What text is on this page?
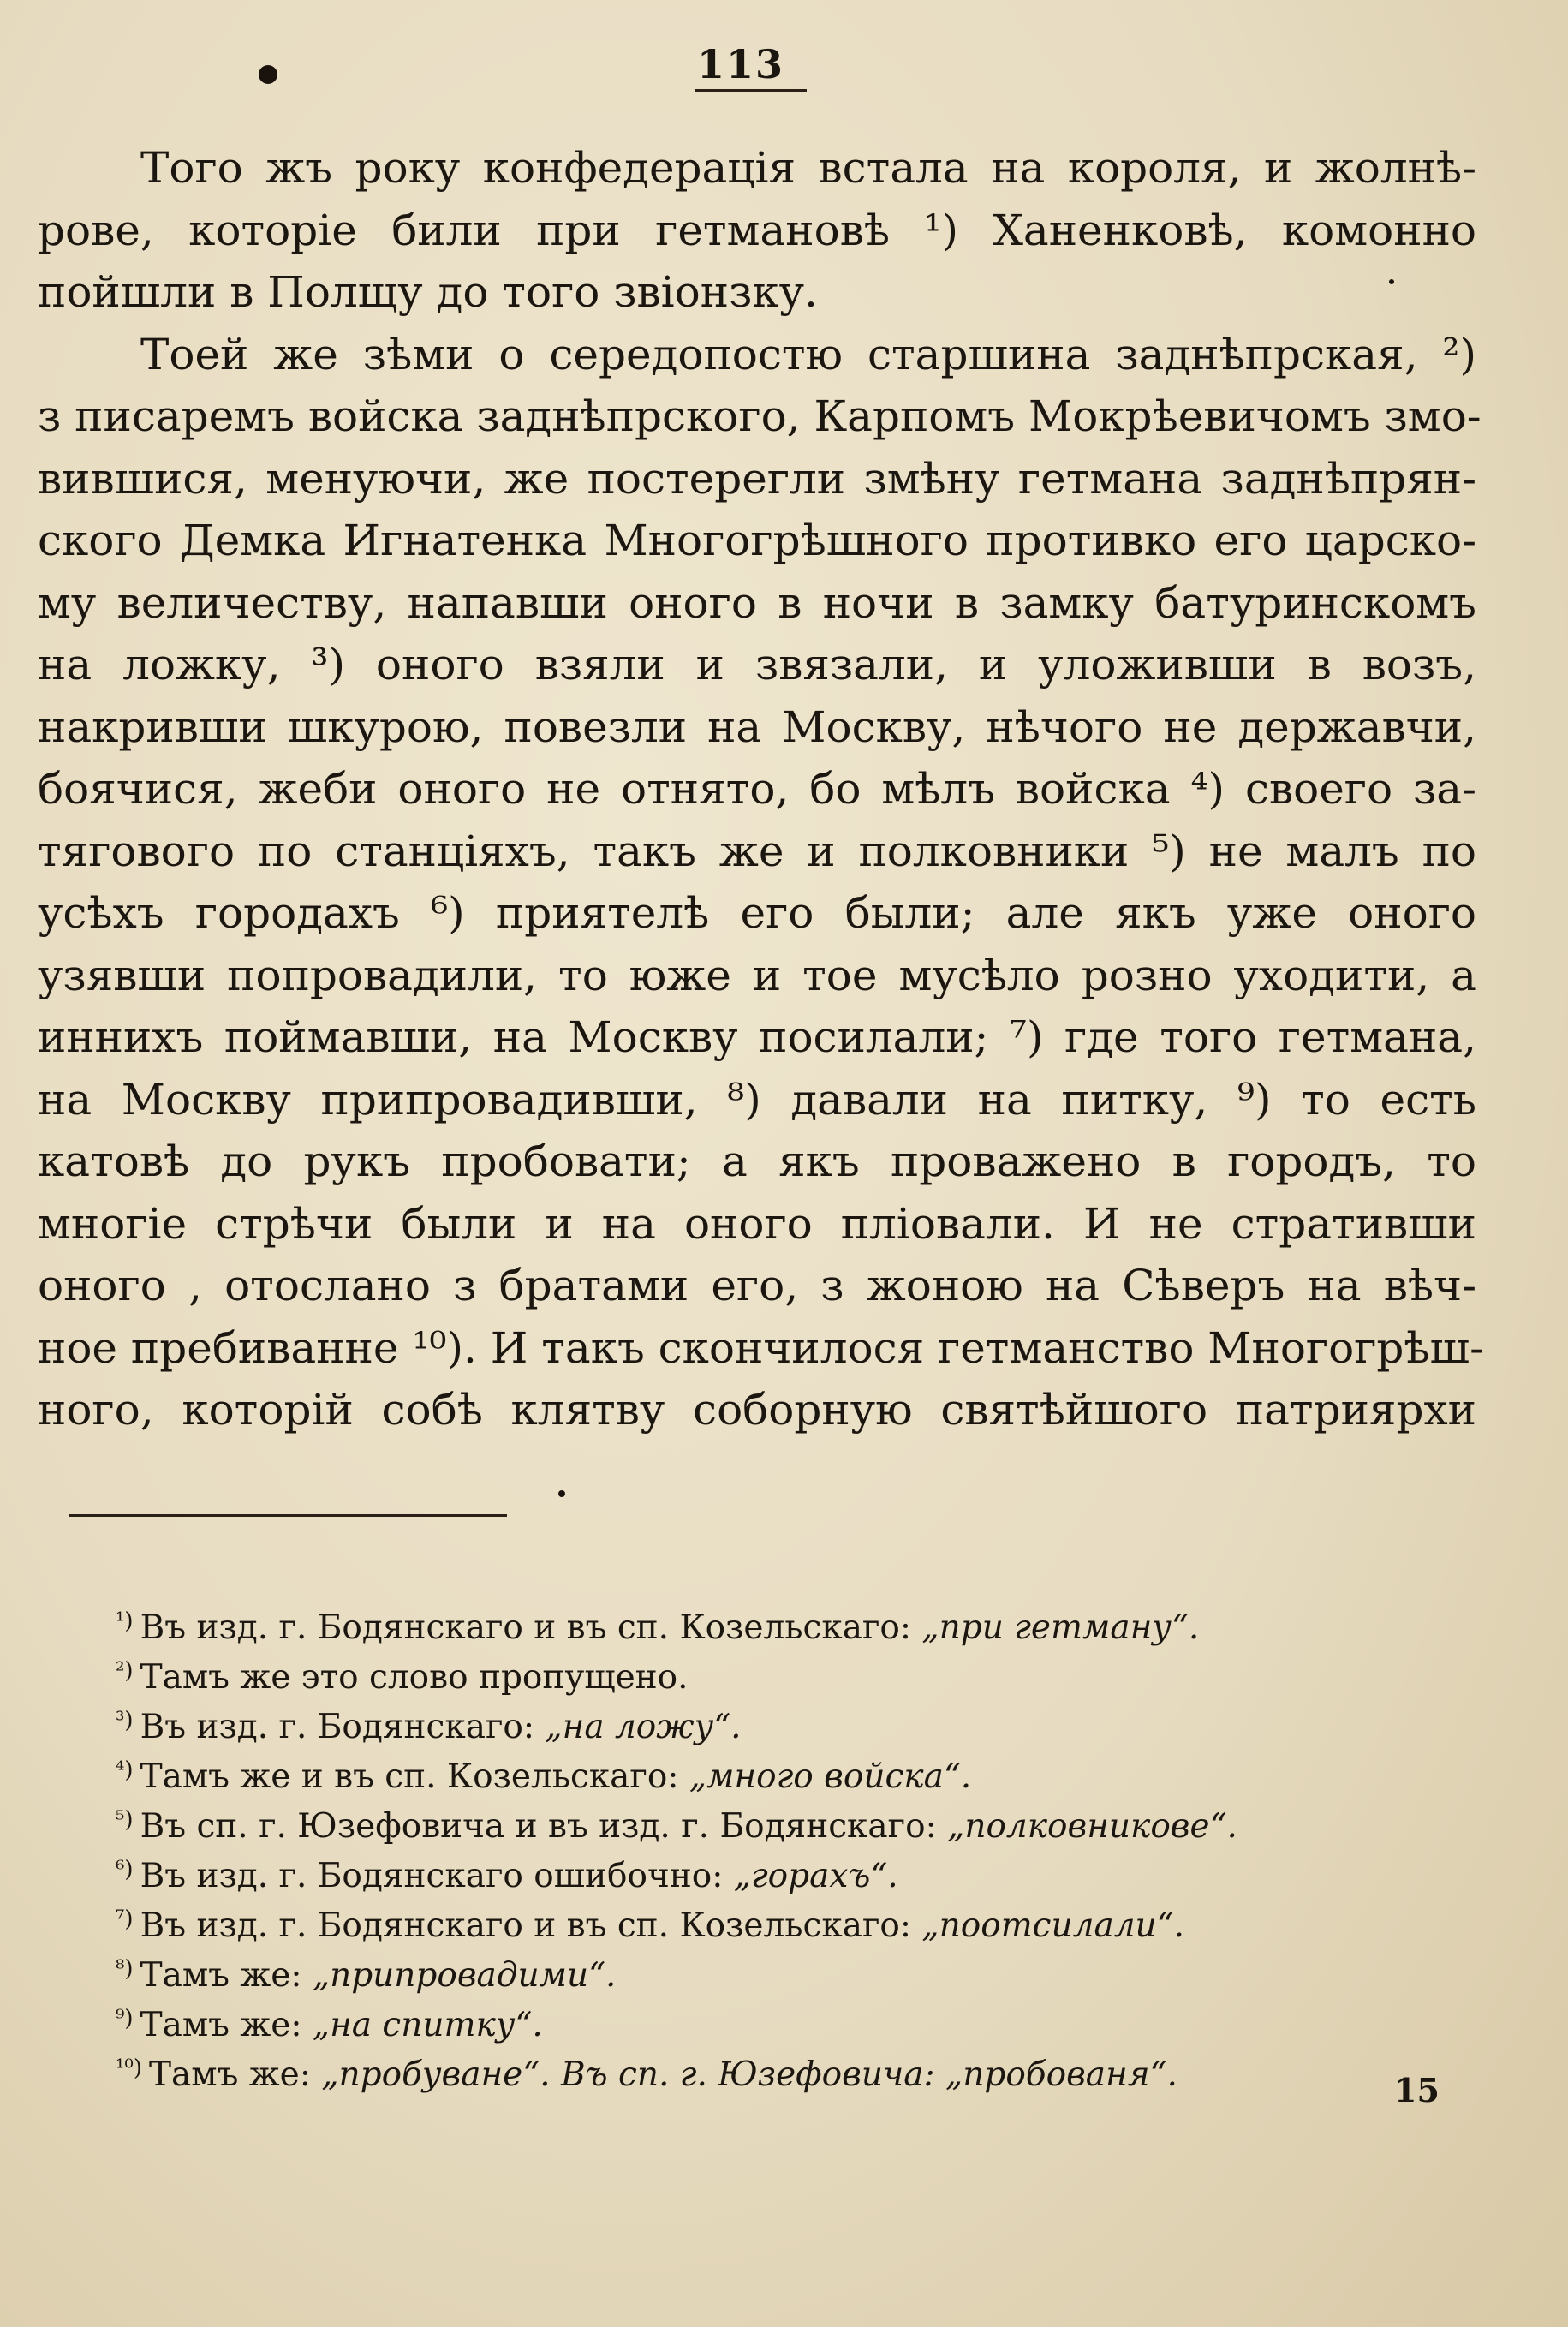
113
Того жъ року конфедерація встала на короля, и жолнѣ-
рове, которіе били при гетмановѣ ¹) Ханенковѣ, комонно
пойшли в Полщу до того звіонзку.
Тоей же зѣми о середопостю старшина заднѣпрская, ²)
з писаремъ войска заднѣпрского, Карпомъ Мокрѣевичомъ змо-
вившися, менуючи, же постерегли змѣну гетмана заднѣпрян-
ского Демка Игнатенка Многогрѣшного противко его царско-
му величеству, напавши оного в ночи в замку батуринскомъ
на ложку, ³) оного взяли и звязали, и уложивши в возъ,
накривши шкурою, повезли на Москву, нѣчого не державчи,
боячися, жеби оного не отнято, бо мѣлъ войска ⁴) своего за-
тягового по станціяхъ, такъ же и полковники ⁵) не малъ по
усѣхъ городахъ ⁶) приятелѣ его были; але якъ уже оного
узявши попровадили, то юже и тое мусѣло розно уходити, а
иннихъ поймавши, на Москву посилали; ⁷) где того гетмана,
на Москву припровадивши, ⁸) давали на питку, ⁹) то есть
катовѣ до рукъ пробовати; а якъ проважено в городъ, то
многіе стрѣчи были и на оного пліовали. И не стративши
оного , отослано з братами его, з жоною на Сѣверъ на вѣч-
ное пребиванне ¹⁰). И такъ скончилося гетманство Многогрѣш-
ного, которій собѣ клятву соборную святѣйшого патриярхи
$^{^1)}$ Въ изд. г. Бодянскаго и въ сп. Козельскаго: „при гетману“.
$^{^2)}$ Тамъ же это слово пропущено.
$^{^3)}$ Въ изд. г. Бодянскаго: „на ложу“.
$^{^4)}$ Тамъ же и въ сп. Козельскаго: „много войска“.
$^{^5)}$ Въ сп. г. Юзефовича и въ изд. г. Бодянскаго: „полковникове“.
$^{^6)}$ Въ изд. г. Бодянскаго ошибочно: „горахъ“.
$^{^7)}$ Въ изд. г. Бодянскаго и въ сп. Козельскаго: „поотсилали“.
$^{^8)}$ Тамъ же: „припровадими“.
$^{^9)}$ Тамъ же: „на спитку“.
$^{^{10})}$ Тамъ же: „пробуване“. Въ сп. г. Юзефовича: „пробованя“.	15
